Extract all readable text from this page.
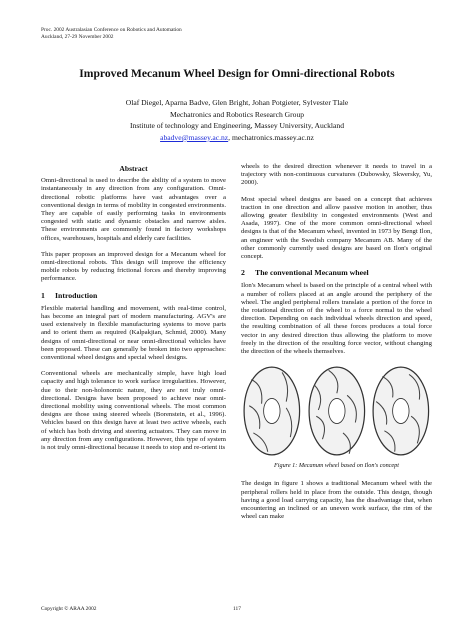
Proc. 2002 Australasian Conference on Robotics and Automation
Auckland, 27-29 November 2002
Improved Mecanum Wheel Design for Omni-directional Robots
Olaf Diegel, Aparna Badve, Glen Bright, Johan Potgieter, Sylvester Tlale
Mechatronics and Robotics Research Group
Institute of technology and Engineering, Massey University, Auckland
abadve@massey.ac.nz, mechatronics.massey.ac.nz
Abstract

Omni-directional is used to describe the ability of a system to move instantaneously in any direction from any configuration. Omni-directional robotic platforms have vast advantages over a conventional design in terms of mobility in congested environments. They are capable of easily performing tasks in environments congested with static and dynamic obstacles and narrow aisles. These environments are commonly found in factory workshops offices, warehouses, hospitals and elderly care facilities.

This paper proposes an improved design for a Mecanum wheel for omni-directional robots. This design will improve the efficiency mobile robots by reducing frictional forces and thereby improving performance.

1 Introduction

Flexible material handling and movement, with real-time control, has become an integral part of modern manufacturing. AGV's are used extensively in flexible manufacturing systems to move parts and to orient them as required (Kalpakjian, Schmid, 2000). Many designs of omni-directional or near omni-directional vehicles have been proposed. These can generally be broken into two approaches: conventional wheel designs and special wheel designs.

Conventional wheels are mechanically simple, have high load capacity and high tolerance to work surface irregularities. However, due to their non-holonomic nature, they are not truly omni-directional. Designs have been proposed to achieve near omni-directional mobility using conventional wheels. The most common designs are those using steered wheels (Borenstein, et al., 1996). Vehicles based on this design have at least two active wheels, each of which has both driving and steering actuators. They can move in any direction from any configurations. However, this type of system is not truly omni-directional because it needs to stop and re-orient its

wheels to the desired direction whenever it needs to travel in a trajectory with non-continuous curvatures (Dubowsky, Skwersky, Yu, 2000).

Most special wheel designs are based on a concept that achieves traction in one direction and allow passive motion in another, thus allowing greater flexibility in congested environments (West and Asada, 1997). One of the more common omni-directional wheel designs is that of the Mecanum wheel, invented in 1973 by Bengt Ilon, an engineer with the Swedish company Mecanum AB. Many of the other commonly currently used designs are based on Ilon's original concept.

2 The conventional Mecanum wheel

Ilon's Mecanum wheel is based on the principle of a central wheel with a number of rollers placed at an angle around the periphery of the wheel. The angled peripheral rollers translate a portion of the force in the rotational direction of the wheel to a force normal to the wheel direction. Depending on each individual wheels direction and speed, the resulting combination of all these forces produces a total force vector in any desired direction thus allowing the platform to move freely in the direction of the resulting force vector, without changing the direction of the wheels themselves.

Figure 1: Mecanum wheel based on Ilon's concept

The design in figure 1 shows a traditional Mecanum wheel with the peripheral rollers held in place from the outside. This design, though having a good load carrying capacity, has the disadvantage that, when encountering an inclined or an uneven work surface, the rim of the wheel can make

Copyright © ARAA 2002	117
